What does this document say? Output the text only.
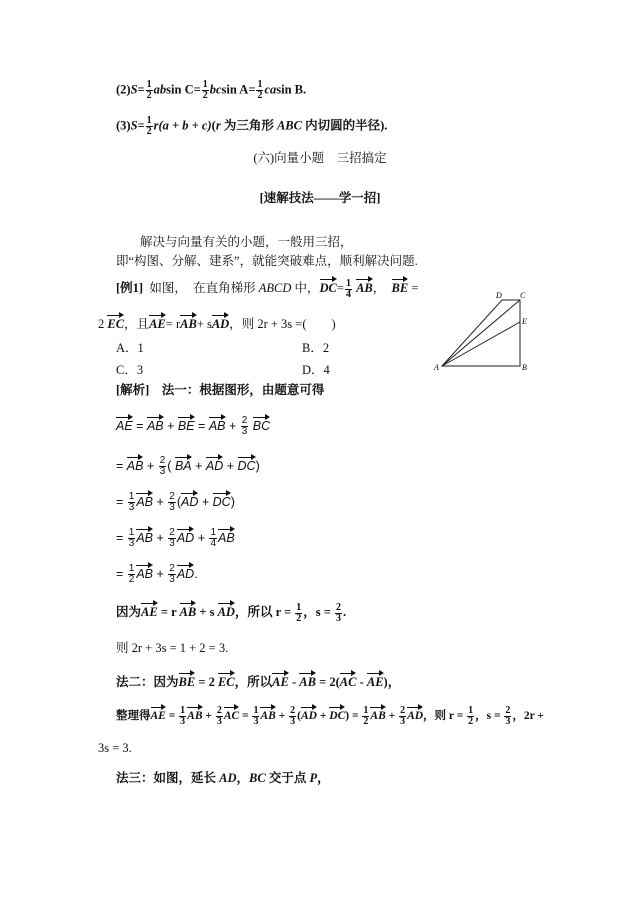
$(2)S= \frac{1}{2}$ absin $C= \frac{1}{2}$ bcsin $A= \frac{1}{2}$ casin B.
$(3)S= \frac{1}{2} r(a + b + c)(r$ 为三角形 ABC 内切圆的半径).
(六)向量小题　三招搞定
[速解技法——学一招]
解决与向量有关的小题，一般用三招，
即“构图、分解、建系”，就能突破难点，顺利解决问题.
[例1] 如图，　在直角梯形 ABCD 中，$DC= \frac{1}{4}$ AB， BE =
2 EC，且AE= rAB+ sAD，则 2r + 3s =(　　)
A．1	B．2
C．3	D．4	A	B
C
D
E
[解析]　法一：根据图形，由题意可得
AE = AB + BE = AB + $\frac{2}{3}$ BC
= AB + $\frac{2}{3}$ ( BA + AD + DC)
= $\frac{1}{3}$ AB + $\frac{2}{3} (AD + DC)$
= $\frac{1}{3}$ AB + $\frac{2}{3}$ AD + $\frac{1}{4}$ AB
= $\frac{1}{2}$ AB + $\frac{2}{3}$ AD.
因为AE = r AB + s AD，所以 $r = \frac{1}{2}$ ，$s = \frac{2}{3}$ .
则 2r + 3s = 1 + 2 = 3.
法二：因为BE = 2 EC，所以AE - AB = 2(AC - AE)，
整理得AE = $\frac{1}{3}$ AB + $\frac{2}{3}$ AC = $\frac{1}{3}$ AB + $\frac{2}{3} (AD + DC) = \frac{1}{2}$ AB + $\frac{2}{3}$ AD，则 $r = \frac{1}{2}$ ，$s = \frac{2}{3}$ ，2r +
3s = 3.
法三：如图，延长 AD，BC 交于点 P，
